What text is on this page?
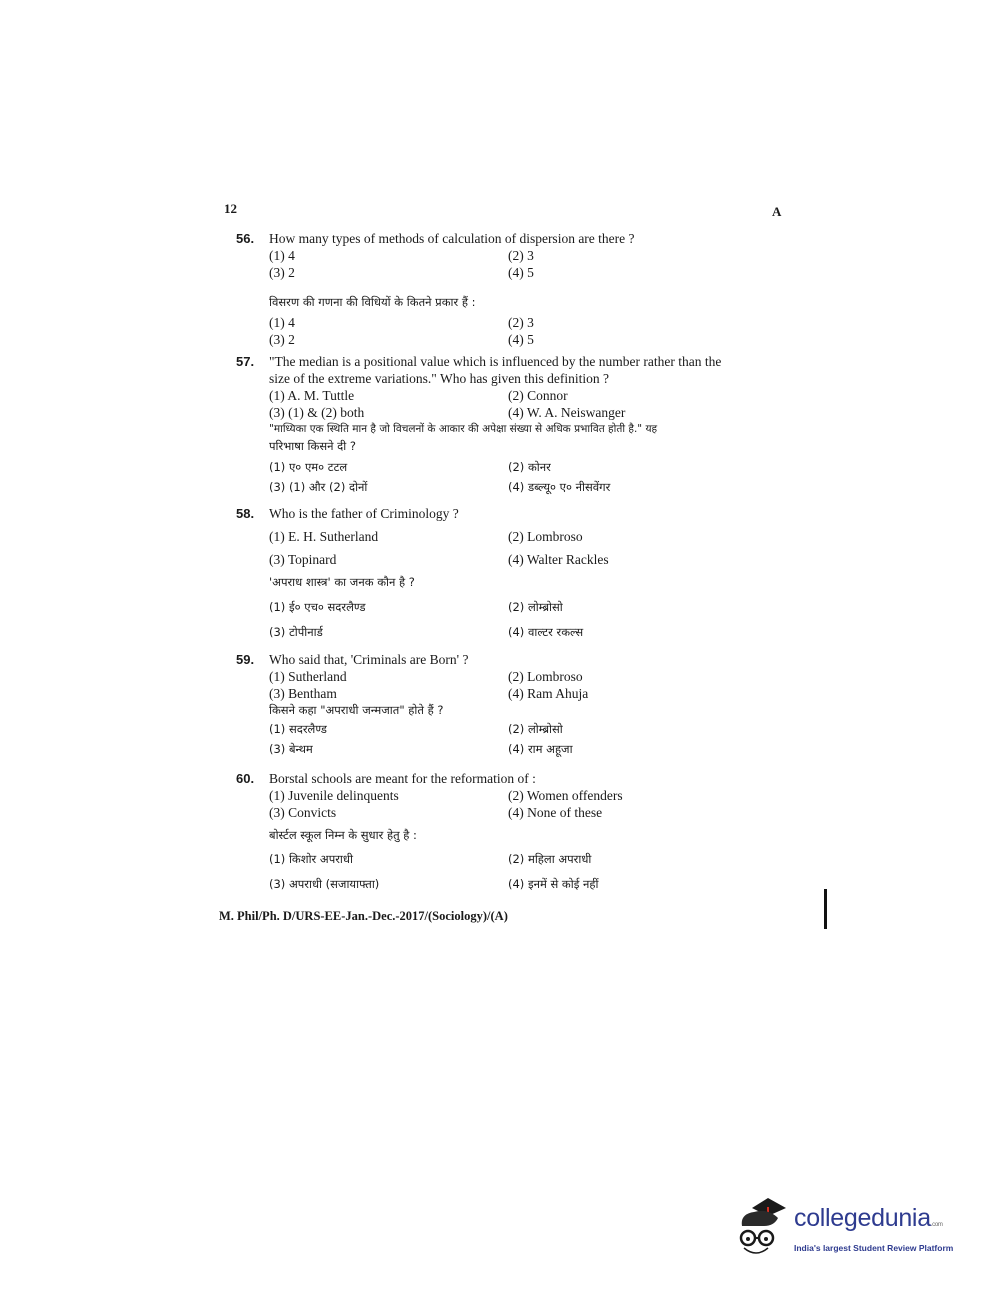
12	A
56. How many types of methods of calculation of dispersion are there ?
(1) 4	(2) 3
(3) 2	(4) 5
विसरण की गणना की विधियों के कितने प्रकार हैं :
(1) 4	(2) 3
(3) 2	(4) 5
57. "The median is a positional value which is influenced by the number rather than the
size of the extreme variations." Who has given this definition ?
(1) A. M. Tuttle	(2) Connor
(3) (1) & (2) both	(4) W. A. Neiswanger
"माध्यिका एक स्थिति मान है जो विचलनों के आकार की अपेक्षा संख्या से अधिक प्रभावित होती है." यह
परिभाषा किसने दी ?
(1) ए० एम० टटल	(2) कोनर
(3) (1) और (2) दोनों	(4) डब्ल्यू० ए० नीसवेंगर
58. Who is the father of Criminology ?
(1) E. H. Sutherland	(2) Lombroso
(3) Topinard	(4) Walter Rackles
'अपराध शास्त्र' का जनक कौन है ?
(1) ई० एच० सदरलैण्ड	(2) लोम्ब्रोसो
(3) टोपीनार्ड	(4) वाल्टर रकल्स
59. Who said that, 'Criminals are Born' ?
(1) Sutherland	(2) Lombroso
(3) Bentham	(4) Ram Ahuja
किसने कहा "अपराधी जन्मजात" होते हैं ?
(1) सदरलैण्ड	(2) लोम्ब्रोसो
(3) बेन्थम	(4) राम अहूजा
60. Borstal schools are meant for the reformation of :
(1) Juvenile delinquents	(2) Women offenders
(3) Convicts	(4) None of these
बोर्स्टल स्कूल निम्न के सुधार हेतु है :
(1) किशोर अपराधी	(2) महिला अपराधी
(3) अपराधी (सजायाफ्ता)	(4) इनमें से कोई नहीं
M. Phil/Ph. D/URS-EE-Jan.-Dec.-2017/(Sociology)/(A)
collegedunia.com
India's largest Student Review Platform
